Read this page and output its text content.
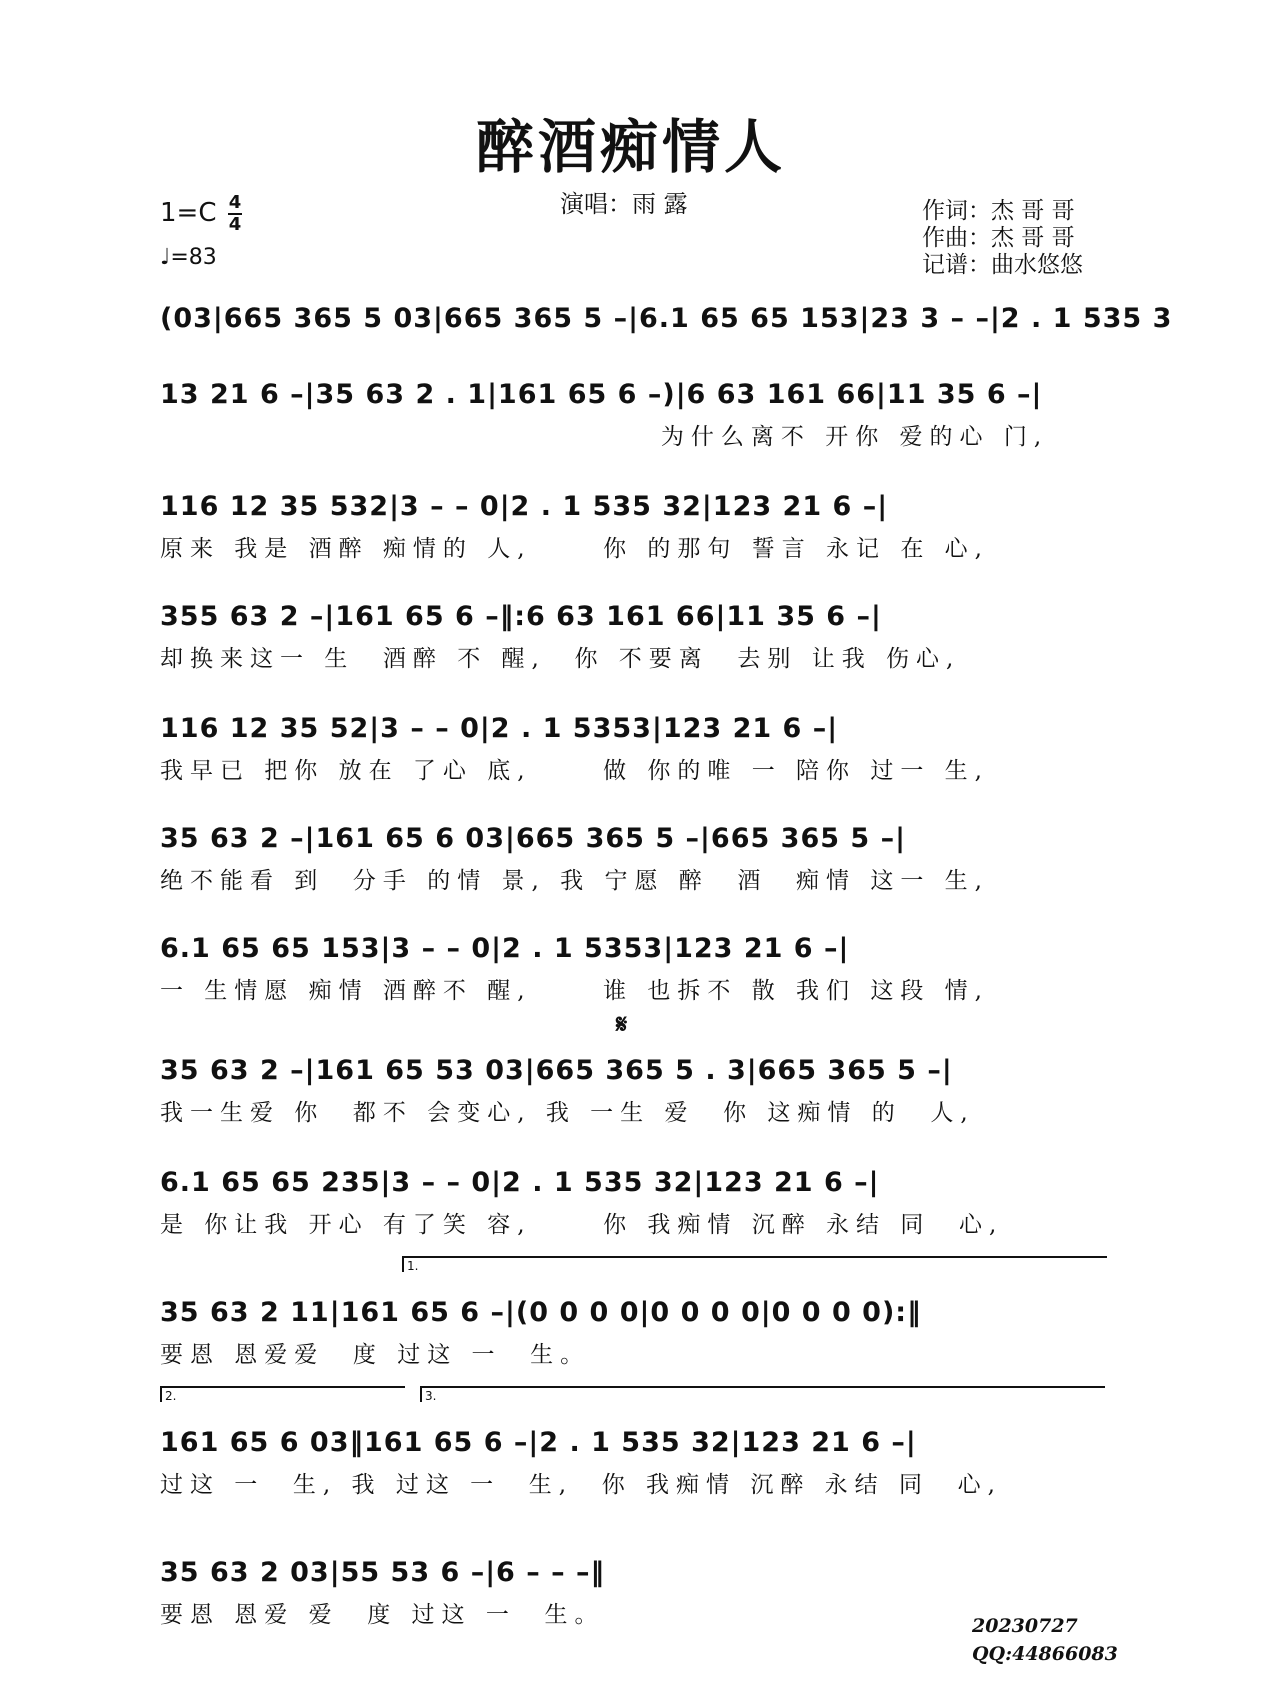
醉酒痴情人
演唱：雨 露	作词：杰 哥 哥
作曲：杰 哥 哥
记谱：曲水悠悠
1=C 4
4
♩=83
(03|665 365 5 03|665 365 5 –|6.1 65 65 153|23 3 – –|2 . 1 535 3
13 21 6 –|35 63 2 . 1|161 65 6 –)|6 63 161 66|11 35 6 –|
为什么离不 开你 爱的心 门,
116 12 35 532|3 – – 0|2 . 1 535 32|123 21 6 –|
原来 我是 酒醉 痴情的 人,     你 的那句 誓言 永记 在 心,
355 63 2 –|161 65 6 –‖:6 63 161 66|11 35 6 –|
却换来这一 生  酒醉 不 醒,  你 不要离  去别 让我 伤心,
116 12 35 52|3 – – 0|2 . 1 5353|123 21 6 –|
我早已 把你 放在 了心 底,     做 你的唯 一 陪你 过一 生,
35 63 2 –|161 65 6 03|665 365 5 –|665 365 5 –|
绝不能看 到  分手 的情 景, 我 宁愿 醉  酒  痴情 这一 生,
6.1 65 65 153|3 – – 0|2 . 1 5353|123 21 6 –|
一 生情愿 痴情 酒醉不 醒,     谁 也拆不 散 我们 这段 情,
𝄋
35 63 2 –|161 65 53 03|665 365 5 . 3|665 365 5 –|
我一生爱 你  都不 会变心, 我 一生 爱  你 这痴情 的  人,
6.1 65 65 235|3 – – 0|2 . 1 535 32|123 21 6 –|
是 你让我 开心 有了笑 容,     你 我痴情 沉醉 永结 同  心,
1.
35 63 2 11|161 65 6 –|(0 0 0 0|0 0 0 0|0 0 0 0):‖
要恩 恩爱爱  度 过这 一  生。
2.	3.
161 65 6 03‖161 65 6 –|2 . 1 535 32|123 21 6 –|
过这 一  生, 我 过这 一  生,  你 我痴情 沉醉 永结 同  心,
35 63 2 03|55 53 6 –|6 – – –‖
要恩 恩爱 爱  度 过这 一  生。	20230727
QQ:44866083
